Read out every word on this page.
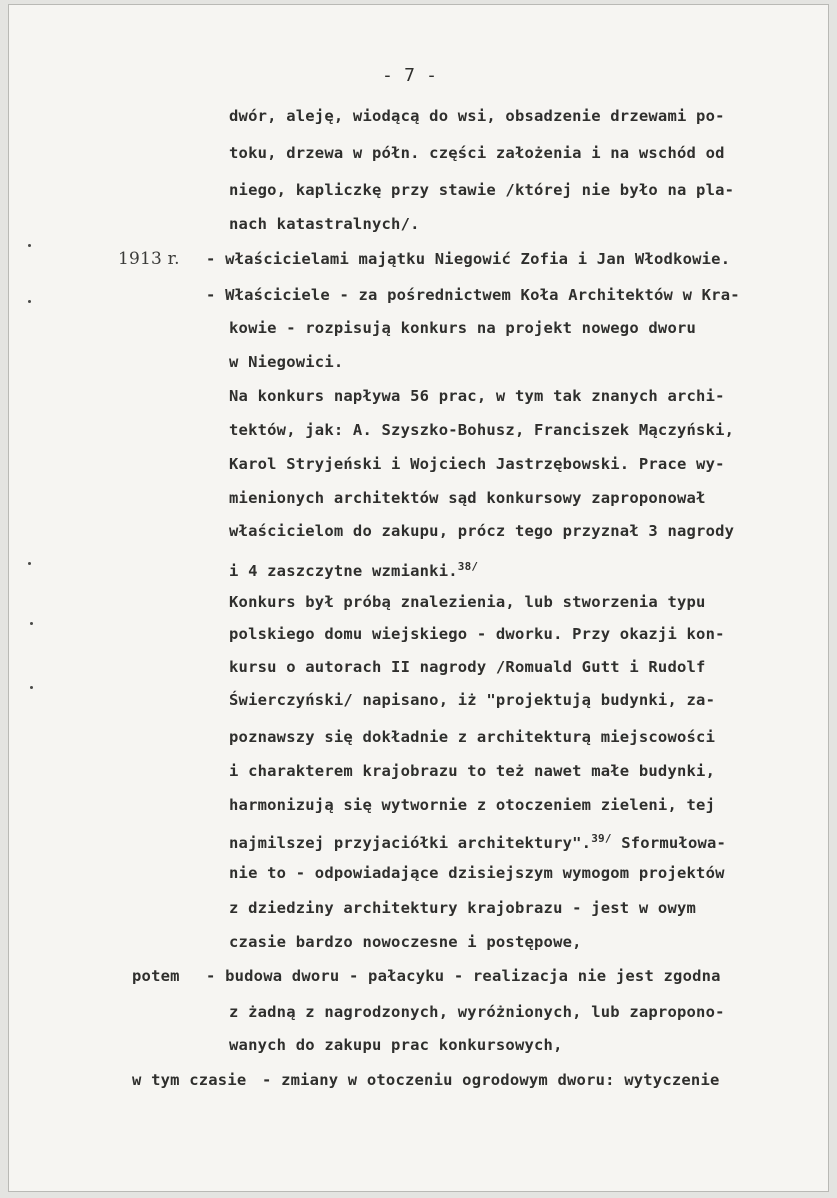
- 7 -
dwór, aleję, wiodącą do wsi, obsadzenie drzewami po-
toku, drzewa w półn. części założenia i na wschód od
niego, kapliczkę przy stawie /której nie było na pla-
nach katastralnych/.
1913 r. - właścicielami majątku Niegowić Zofia i Jan Włodkowie.
- Właściciele - za pośrednictwem Koła Architektów w Kra-
kowie - rozpisują konkurs na projekt nowego dworu
w Niegowici.
Na konkurs napływa 56 prac, w tym tak znanych archi-
tektów, jak: A. Szyszko-Bohusz, Franciszek Mączyński,
Karol Stryjeński i Wojciech Jastrzębowski. Prace wy-
mienionych architektów sąd konkursowy zaproponował
właścicielom do zakupu, prócz tego przyznał 3 nagrody
i 4 zaszczytne wzmianki.$^{38/}$
Konkurs był próbą znalezienia, lub stworzenia typu
polskiego domu wiejskiego - dworku. Przy okazji kon-
kursu o autorach II nagrody /Romuald Gutt i Rudolf
Świerczyński/ napisano, iż "projektują budynki, za-
poznawszy się dokładnie z architekturą miejscowości
i charakterem krajobrazu to też nawet małe budynki,
harmonizują się wytwornie z otoczeniem zieleni, tej
najmilszej przyjaciółki architektury".$^{39/}$ Sformułowa-
nie to - odpowiadające dzisiejszym wymogom projektów
z dziedziny architektury krajobrazu - jest w owym
czasie bardzo nowoczesne i postępowe,
potem - budowa dworu - pałacyku - realizacja nie jest zgodna
z żadną z nagrodzonych, wyróżnionych, lub zapropono-
wanych do zakupu prac konkursowych,
w tym czasie - zmiany w otoczeniu ogrodowym dworu: wytyczenie
